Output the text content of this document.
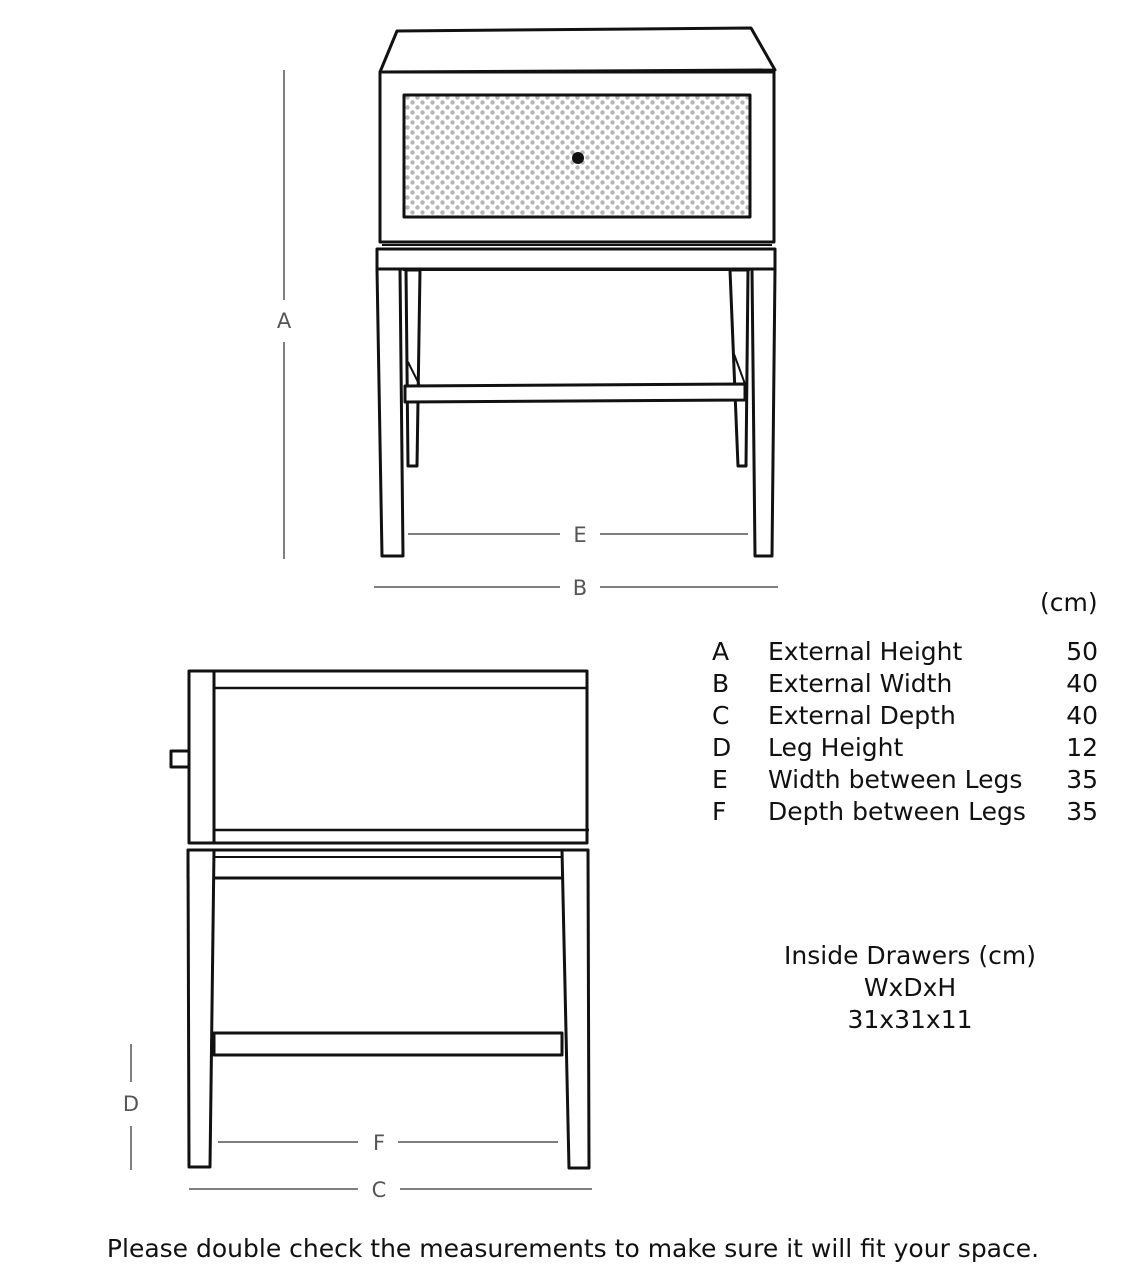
A
E
B
D
F
C
(cm)
A	External Height	50
B	External Width	40
C	External Depth	40
D	Leg Height	12
E	Width between Legs	35
F	Depth between Legs	35
Inside Drawers (cm)
WxDxH
31x31x11
Please double check the measurements to make sure it will fit your space.
